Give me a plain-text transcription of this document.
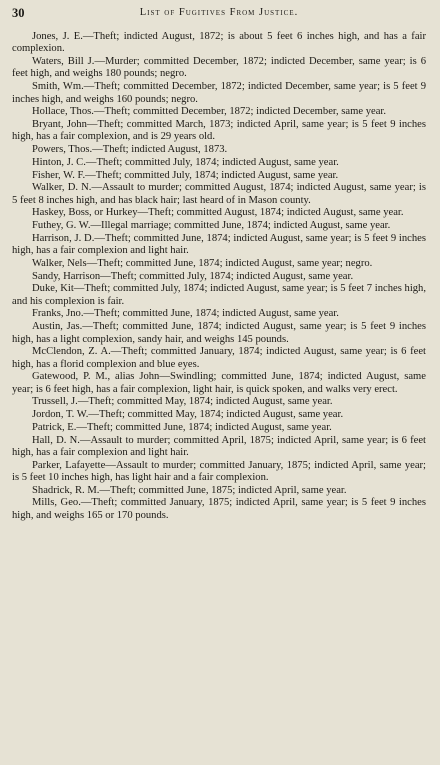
30	List of Fugitives From Justice.

Jones, J. E.—Theft; indicted August, 1872; is about 5 feet 6 inches high, and has a fair complexion.

Waters, Bill J.—Murder; committed December, 1872; indicted December, same year; is 6 feet high, and weighs 180 pounds; negro.

Smith, Wm.—Theft; committed December, 1872; indicted December, same year; is 5 feet 9 inches high, and weighs 160 pounds; negro.

Hollace, Thos.—Theft; committed December, 1872; indicted December, same year.

Bryant, John—Theft; committed March, 1873; indicted April, same year; is 5 feet 9 inches high, has a fair complexion, and is 29 years old.

Powers, Thos.—Theft; indicted August, 1873.

Hinton, J. C.—Theft; committed July, 1874; indicted August, same year.

Fisher, W. F.—Theft; committed July, 1874; indicted August, same year.

Walker, D. N.—Assault to murder; committed August, 1874; indicted August, same year; is 5 feet 8 inches high, and has black hair; last heard of in Mason county.

Haskey, Boss, or Hurkey—Theft; committed August, 1874; indicted August, same year.

Futhey, G. W.—Illegal marriage; committed June, 1874; indicted August, same year.

Harrison, J. D.—Theft; committed June, 1874; indicted August, same year; is 5 feet 9 inches high, has a fair complexion and light hair.

Walker, Nels—Theft; committed June, 1874; indicted August, same year; negro.

Sandy, Harrison—Theft; committed July, 1874; indicted August, same year.

Duke, Kit—Theft; committed July, 1874; indicted August, same year; is 5 feet 7 inches high, and his complexion is fair.

Franks, Jno.—Theft; committed June, 1874; indicted August, same year.

Austin, Jas.—Theft; committed June, 1874; indicted August, same year; is 5 feet 9 inches high, has a light complexion, sandy hair, and weighs 145 pounds.

McClendon, Z. A.—Theft; committed January, 1874; indicted August, same year; is 6 feet high, has a florid complexion and blue eyes.

Gatewood, P. M., alias John—Swindling; committed June, 1874; indicted August, same year; is 6 feet high, has a fair complexion, light hair, is quick spoken, and walks very erect.

Trussell, J.—Theft; committed May, 1874; indicted August, same year.

Jordon, T. W.—Theft; committed May, 1874; indicted August, same year.

Patrick, E.—Theft; committed June, 1874; indicted August, same year.

Hall, D. N.—Assault to murder; committed April, 1875; indicted April, same year; is 6 feet high, has a fair complexion and light hair.

Parker, Lafayette—Assault to murder; committed January, 1875; indicted April, same year; is 5 feet 10 inches high, has light hair and a fair complexion.

Shadrick, R. M.—Theft; committed June, 1875; indicted April, same year.

Mills, Geo.—Theft; committed January, 1875; indicted April, same year; is 5 feet 9 inches high, and weighs 165 or 170 pounds.
